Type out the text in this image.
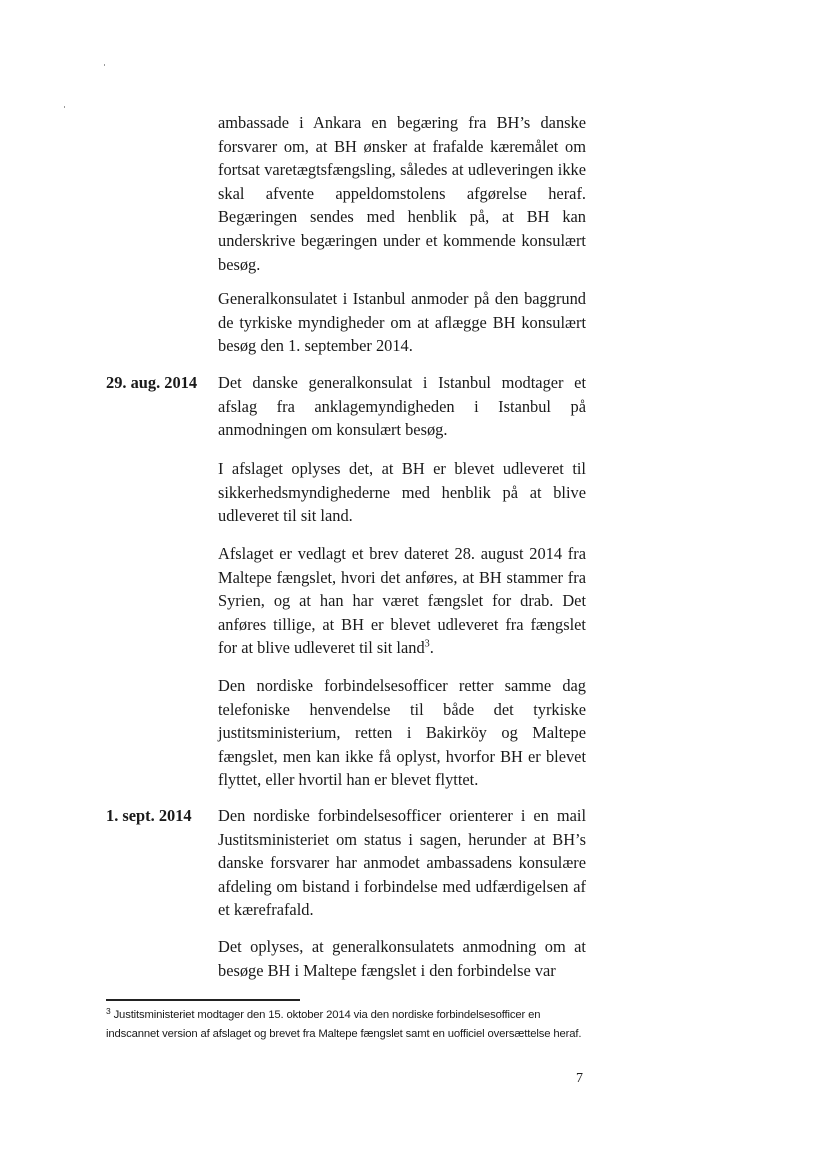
ambassade i Ankara en begæring fra BH’s danske forsvarer om, at BH ønsker at frafalde kæremålet om fortsat varetægtsfængsling, således at udleveringen ikke skal afvente appeldomstolens afgørelse heraf. Begæringen sendes med henblik på, at BH kan underskrive begæringen under et kommende konsulært besøg.

Generalkonsulatet i Istanbul anmoder på den baggrund de tyrkiske myndigheder om at aflægge BH konsulært besøg den 1. september 2014.

29. aug. 2014 Det danske generalkonsulat i Istanbul modtager et afslag fra anklagemyndigheden i Istanbul på anmodningen om konsulært besøg.

I afslaget oplyses det, at BH er blevet udleveret til sikkerhedsmyndighederne med henblik på at blive udleveret til sit land.

Afslaget er vedlagt et brev dateret 28. august 2014 fra Maltepe fængslet, hvori det anføres, at BH stammer fra Syrien, og at han har været fængslet for drab. Det anføres tillige, at BH er blevet udleveret fra fængslet for at blive udleveret til sit land$^3$.

Den nordiske forbindelsesofficer retter samme dag telefoniske henvendelse til både det tyrkiske justitsministerium, retten i Bakirköy og Maltepe fængslet, men kan ikke få oplyst, hvorfor BH er blevet flyttet, eller hvortil han er blevet flyttet.

1. sept. 2014 Den nordiske forbindelsesofficer orienterer i en mail Justitsministeriet om status i sagen, herunder at BH’s danske forsvarer har anmodet ambassadens konsulære afdeling om bistand i forbindelse med udfærdigelsen af et kærefrafald.

Det oplyses, at generalkonsulatets anmodning om at besøge BH i Maltepe fængslet i den forbindelse var

$^3$ Justitsministeriet modtager den 15. oktober 2014 via den nordiske forbindelsesofficer en indscannet version af afslaget og brevet fra Maltepe fængslet samt en uofficiel oversættelse heraf.

7
